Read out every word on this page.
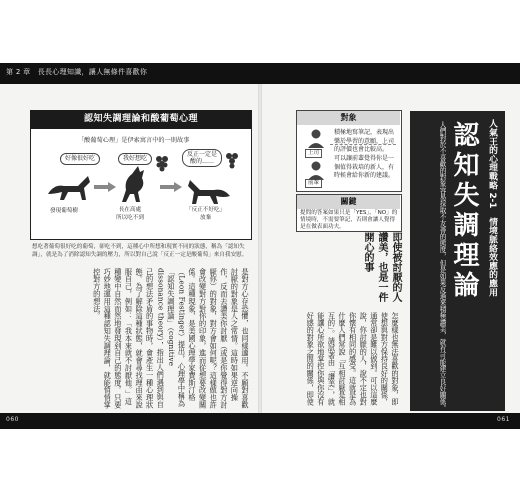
第 2 章　長長心理知識，讓人無條件喜歡你
認知失調理論和酸葡萄心理
「酸葡萄心理」是伊索寓言中的一則故事
好像很好吃	我好想吃
反正一定是
酸的……
發現葡萄樹	長在高處
所以吃不到
「反正不好吃」
放棄
想吃著葡萄很好吃的葡萄，卻吃不到，這種心中所想和現實不同的狀態，稱為「認知失調」，就是為了消除認知失調的壓力，所以對自己說「反正一定是酸葡萄」來自我安慰。
是對方心存恐懼，也同樣適用。不願對喜歡討厭的對象是人之常情。這時如果逆向操作，反而去讚美你討厭（或是你覺得對方討厭你）的對象，對方會如何呢？這樣做也許會改變對方對你的印象，進而從想要改變關係。這種現象，是美國心理學家費斯汀格（Leon Festinger）提出，心理學中稱為「認知失調理論」（cognitive dissonance theory），指出人們遇到與自己的想法矛盾的事物時，會產生一種心理狀態。為了解除這種狀態，就會尋找理由來說服自己，例如：「我本來就不討厭他。」這種變中自然而然地發現到自己的態度。只要巧妙地運用這種認知失調理論，就能悄悄掌控對方的想法。
對象
上司
積極地寫筆記，表現出樂於學習的意願，上司的評價也會比較高。
前輩
可以讓前輩覺得你是一個值得栽培的新人，有時候會給你新的建議。
關鍵
提問的答案如果只是「YES」、「NO」的情境時，不需要筆記，否則會讓人覺得是在做表面功夫。	人氣王的心理戰略 2-1　情境脈絡效應的應用
認知失調理論
人們對於不喜歡的對象容易採取不友善的態度，但是如果反過來積極讚美，就有可能建立良好關係。
即使被討厭的人讚美，也是一件開心的事
怎麼樣也無法喜歡的對象，即使想與對方保持良好的關係，通常卻是難以做到。可以這麼說，你討厭的人，說不定也對你懷有相同的感受。這就是為什麼人們常說「互相討厭是相互的」。請試著由「讚美」，就能讓心所欲地掌控你與你沒有好感的對象之間的關係，即使
060	061
